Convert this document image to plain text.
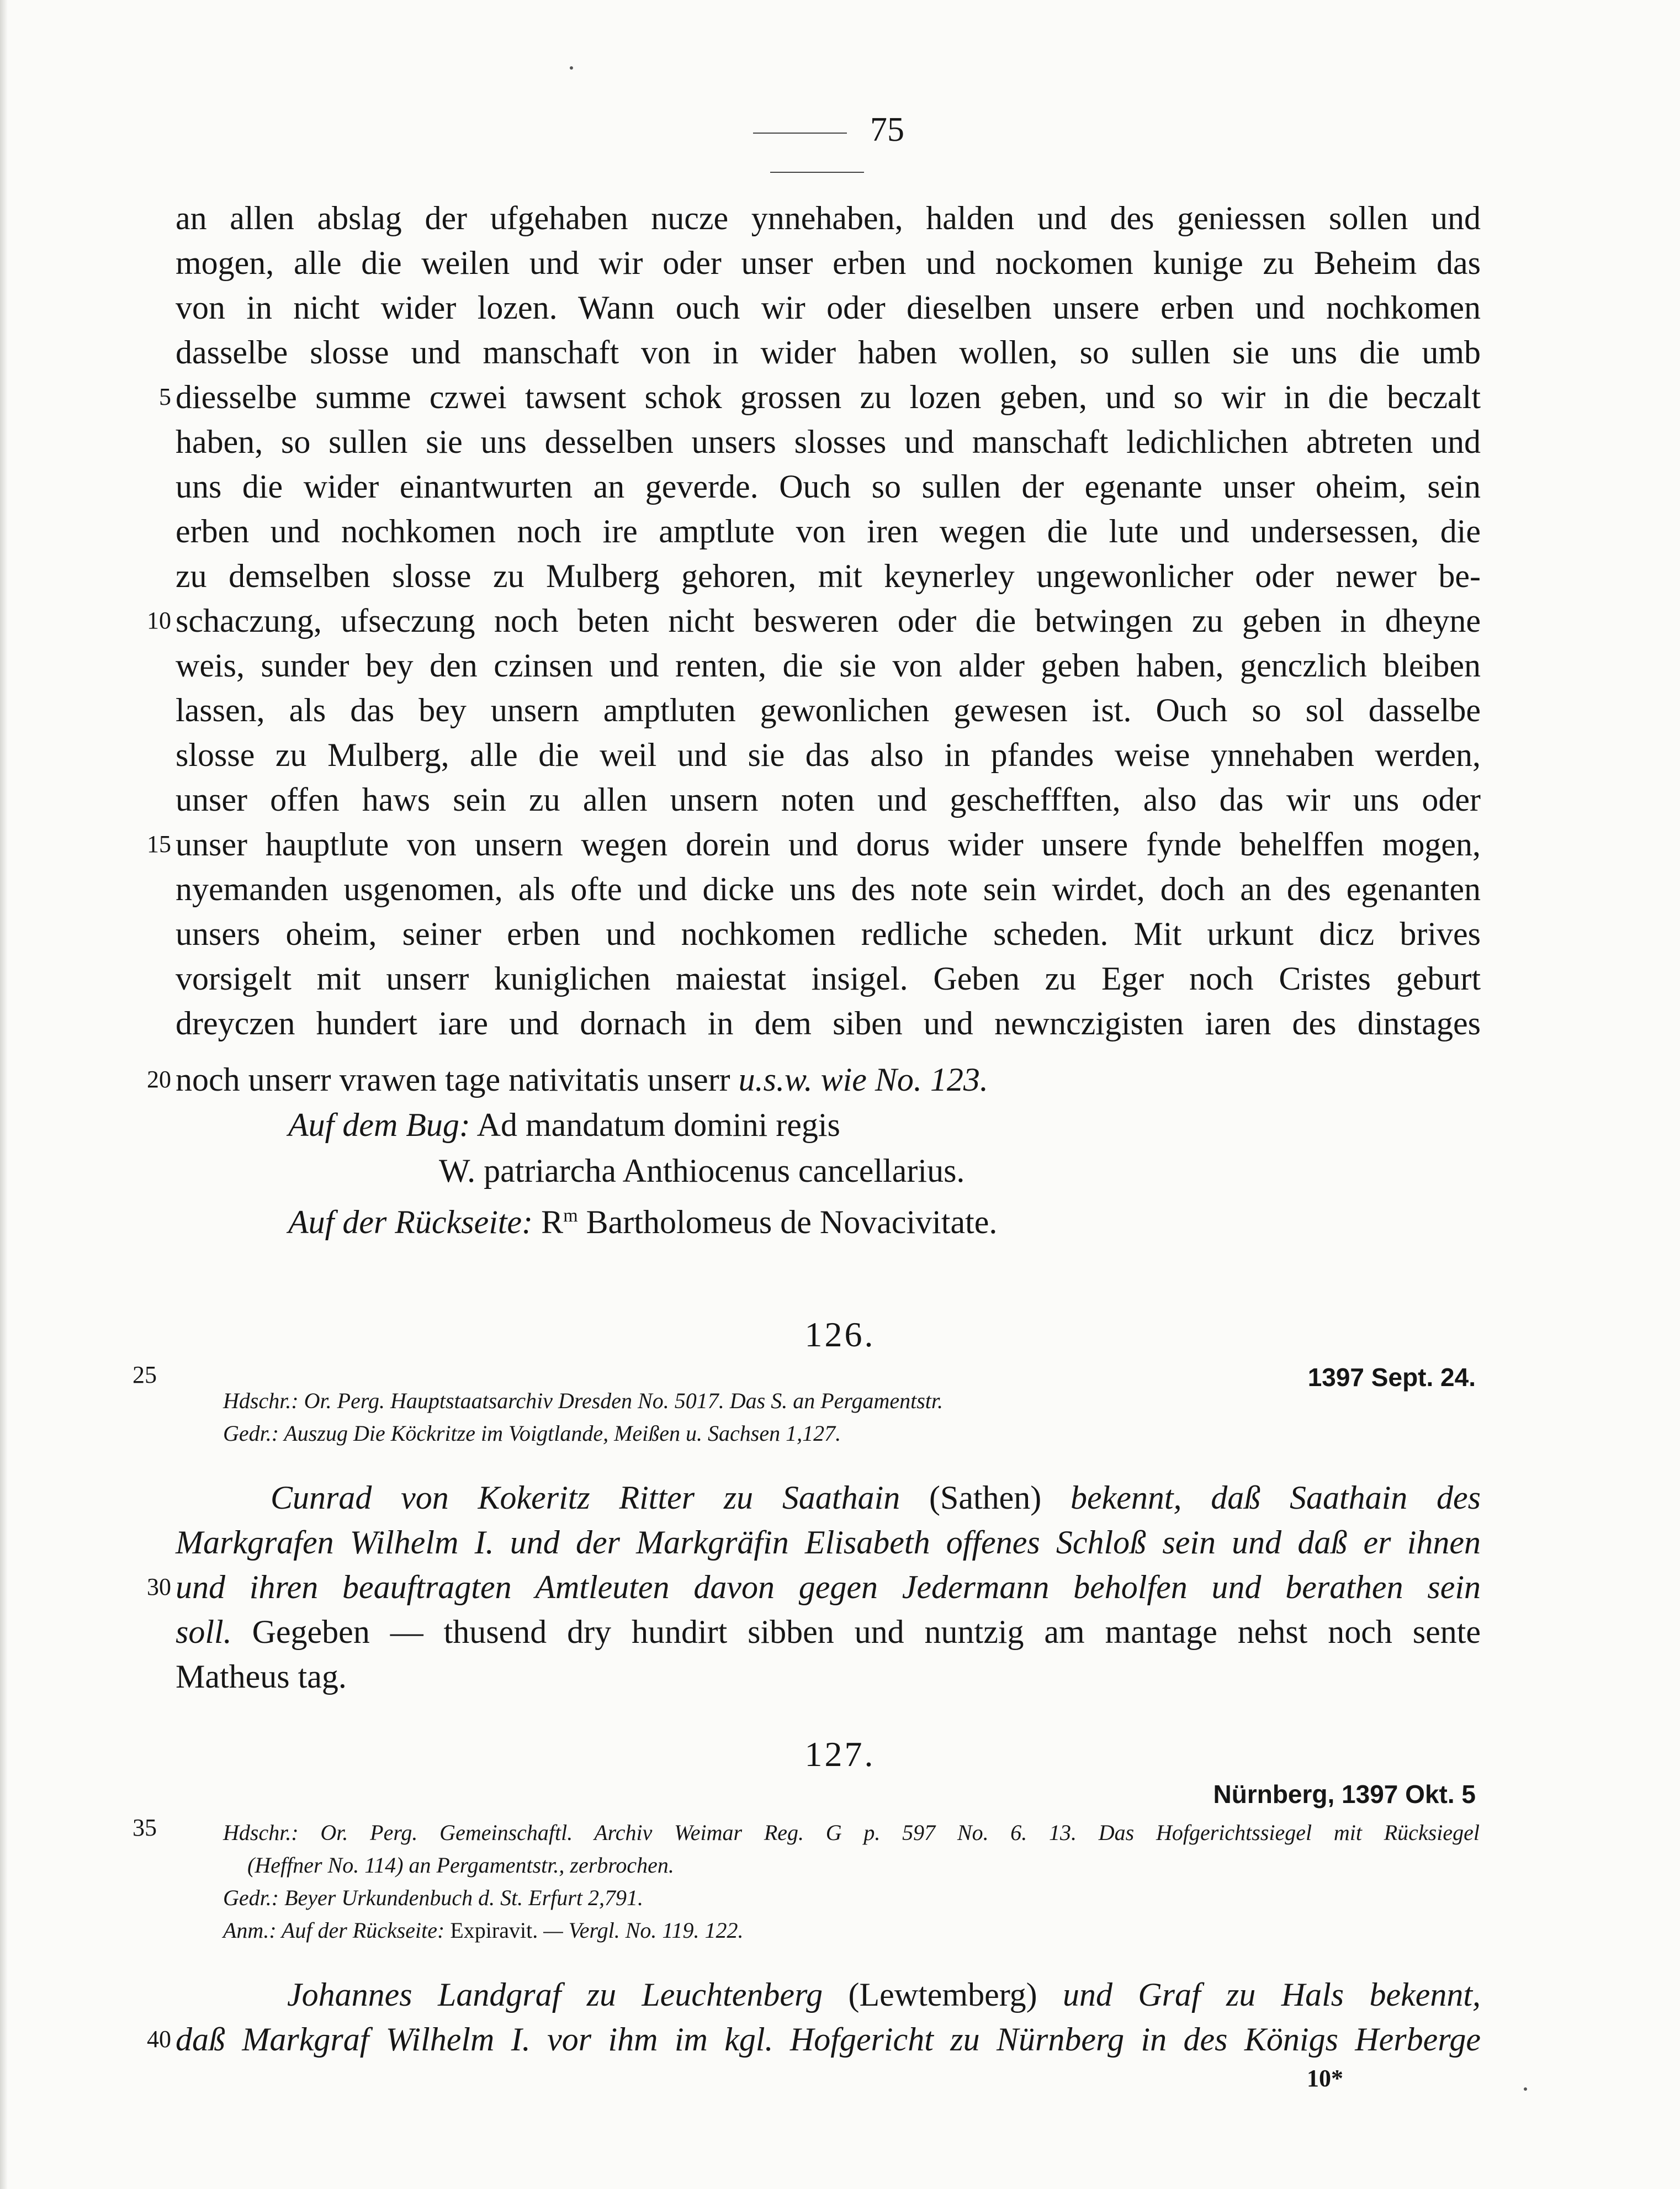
75
an allen abslag der ufgehaben nucze ynnehaben, halden und des geniessen sollen und
mogen, alle die weilen und wir oder unser erben und nockomen kunige zu Beheim das
von in nicht wider lozen. Wann ouch wir oder dieselben unsere erben und nochkomen
dasselbe slosse und manschaft von in wider haben wollen, so sullen sie uns die umb
5 diesselbe summe czwei tawsent schok grossen zu lozen geben, und so wir in die beczalt
haben, so sullen sie uns desselben unsers slosses und manschaft ledichlichen abtreten und
uns die wider einantwurten an geverde. Ouch so sullen der egenante unser oheim, sein
erben und nochkomen noch ire amptlute von iren wegen die lute und undersessen, die
zu demselben slosse zu Mulberg gehoren, mit keynerley ungewonlicher oder newer be-
10 schaczung, ufseczung noch beten nicht besweren oder die betwingen zu geben in dheyne
weis, sunder bey den czinsen und renten, die sie von alder geben haben, genczlich bleiben
lassen, als das bey unsern amptluten gewonlichen gewesen ist. Ouch so sol dasselbe
slosse zu Mulberg, alle die weil und sie das also in pfandes weise ynnehaben werden,
unser offen haws sein zu allen unsern noten und gescheffften, also das wir uns oder
15 unser hauptlute von unsern wegen dorein und dorus wider unsere fynde behelffen mogen,
nyemanden usgenomen, als ofte und dicke uns des note sein wirdet, doch an des egenanten
unsers oheim, seiner erben und nochkomen redliche scheden. Mit urkunt dicz brives
vorsigelt mit unserr kuniglichen maiestat insigel. Geben zu Eger noch Cristes geburt
dreyczen hundert iare und dornach in dem siben und newnczigisten iaren des dinstages
20 noch unserr vrawen tage nativitatis unserr u.s.w. wie No. 123.
Auf dem Bug: Ad mandatum domini regis
W. patriarcha Anthiocenus cancellarius.
Auf der Rückseite: $R^m$ Bartholomeus de Novacivitate.
126.
25	1397 Sept. 24.
Hdschr.: Or. Perg. Hauptstaatsarchiv Dresden No. 5017. Das S. an Pergamentstr.
Gedr.: Auszug Die Köckritze im Voigtlande, Meißen u. Sachsen 1,127.
Cunrad von Kokeritz Ritter zu Saathain (Sathen) bekennt, daß Saathain des
Markgrafen Wilhelm I. und der Markgräfin Elisabeth offenes Schloß sein und daß er ihnen
30 und ihren beauftragten Amtleuten davon gegen Jedermann beholfen und berathen sein
soll. Gegeben — thusend dry hundirt sibben und nuntzig am mantage nehst noch sente
Matheus tag.
127.
Nürnberg, 1397 Okt. 5
35	Hdschr.: Or. Perg. Gemeinschaftl. Archiv Weimar Reg. G p. 597 No. 6. 13. Das Hofgerichtssiegel mit Rücksiegel
(Heffner No. 114) an Pergamentstr., zerbrochen.
Gedr.: Beyer Urkundenbuch d. St. Erfurt 2,791.
Anm.: Auf der Rückseite: Expiravit. — Vergl. No. 119. 122.
Johannes Landgraf zu Leuchtenberg (Lewtemberg) und Graf zu Hals bekennt,
40 daß Markgraf Wilhelm I. vor ihm im kgl. Hofgericht zu Nürnberg in des Königs Herberge
10*
